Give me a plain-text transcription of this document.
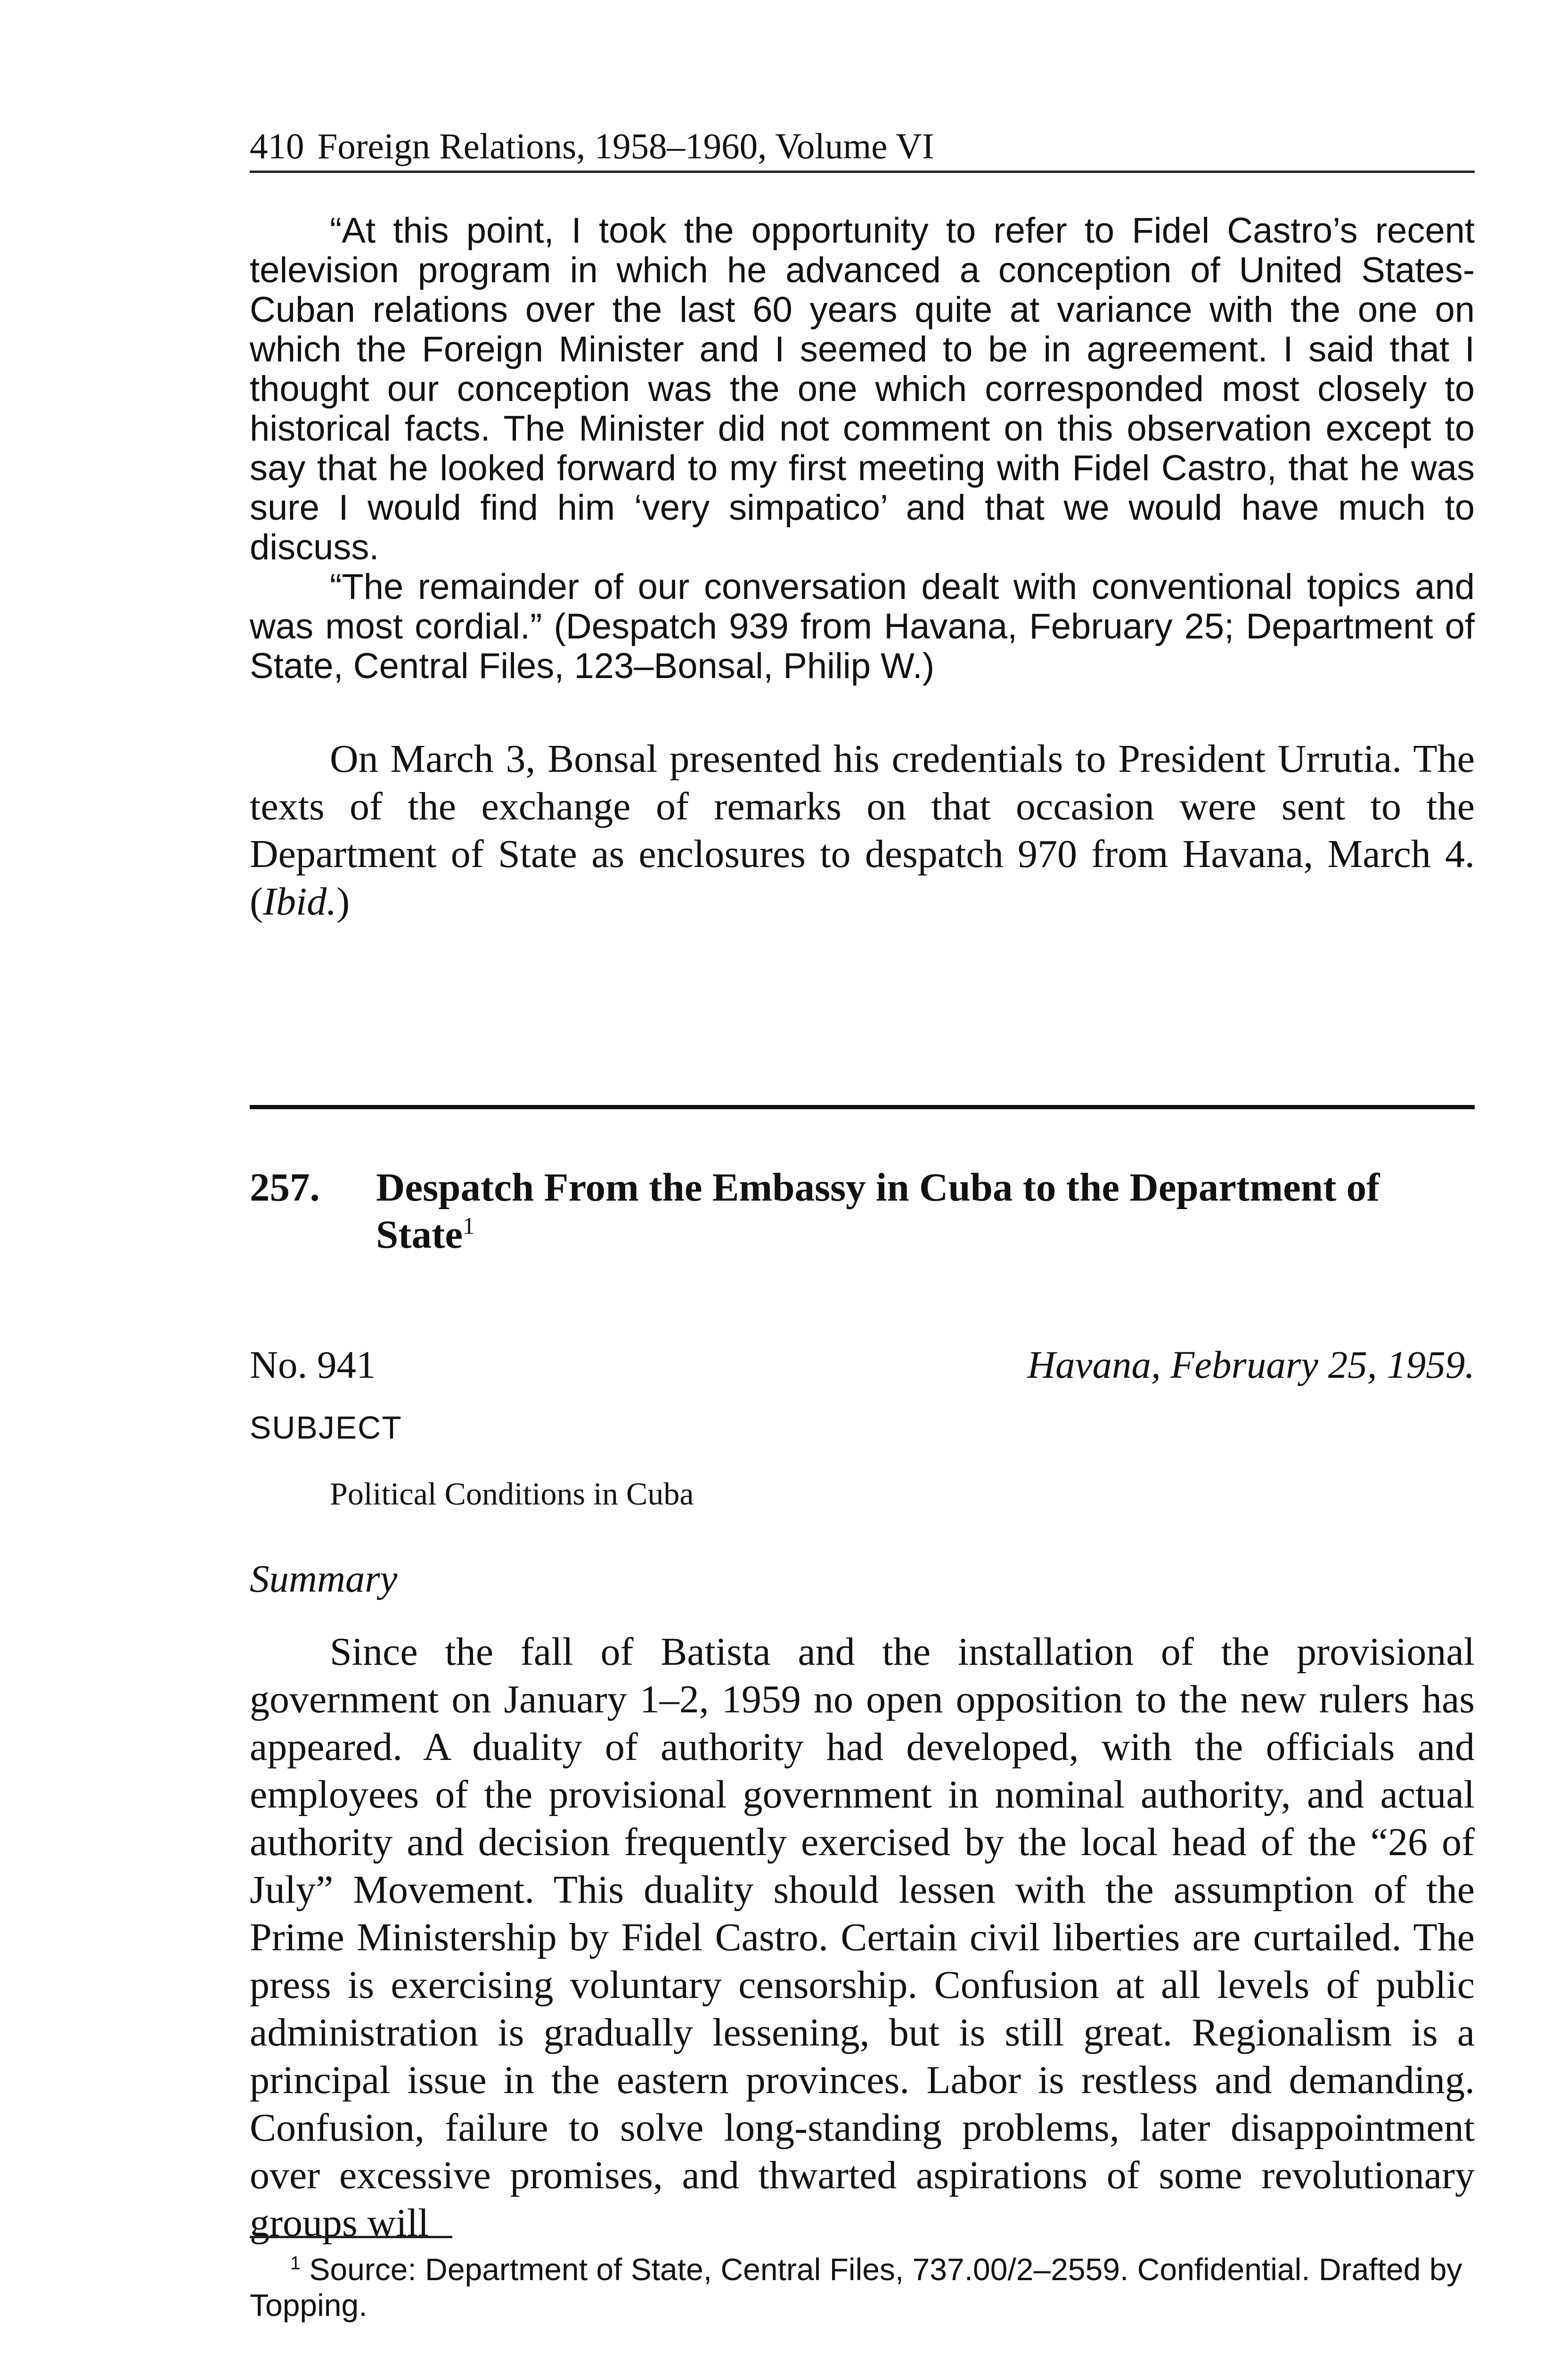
410 Foreign Relations, 1958–1960, Volume VI

“At this point, I took the opportunity to refer to Fidel Castro’s recent television program in which he advanced a conception of United States-Cuban relations over the last 60 years quite at variance with the one on which the Foreign Minister and I seemed to be in agreement. I said that I thought our conception was the one which corresponded most closely to historical facts. The Minister did not comment on this observation except to say that he looked forward to my first meeting with Fidel Castro, that he was sure I would find him ‘very simpatico’ and that we would have much to discuss.

“The remainder of our conversation dealt with conventional topics and was most cordial.” (Despatch 939 from Havana, February 25; Department of State, Central Files, 123–Bonsal, Philip W.)

On March 3, Bonsal presented his credentials to President Urrutia. The texts of the exchange of remarks on that occasion were sent to the Department of State as enclosures to despatch 970 from Havana, March 4. (Ibid.)

257. Despatch From the Embassy in Cuba to the Department of State$^1$
No. 941	Havana, February 25, 1959.
SUBJECT
Political Conditions in Cuba
Summary

Since the fall of Batista and the installation of the provisional government on January 1–2, 1959 no open opposition to the new rulers has appeared. A duality of authority had developed, with the officials and employees of the provisional government in nominal authority, and actual authority and decision frequently exercised by the local head of the “26 of July” Movement. This duality should lessen with the assumption of the Prime Ministership by Fidel Castro. Certain civil liberties are curtailed. The press is exercising voluntary censorship. Confusion at all levels of public administration is gradually lessening, but is still great. Regionalism is a principal issue in the eastern provinces. Labor is restless and demanding. Confusion, failure to solve long-standing problems, later disappointment over excessive promises, and thwarted aspirations of some revolutionary groups will

$^1$ Source: Department of State, Central Files, 737.00/2–2559. Confidential. Drafted by Topping.
